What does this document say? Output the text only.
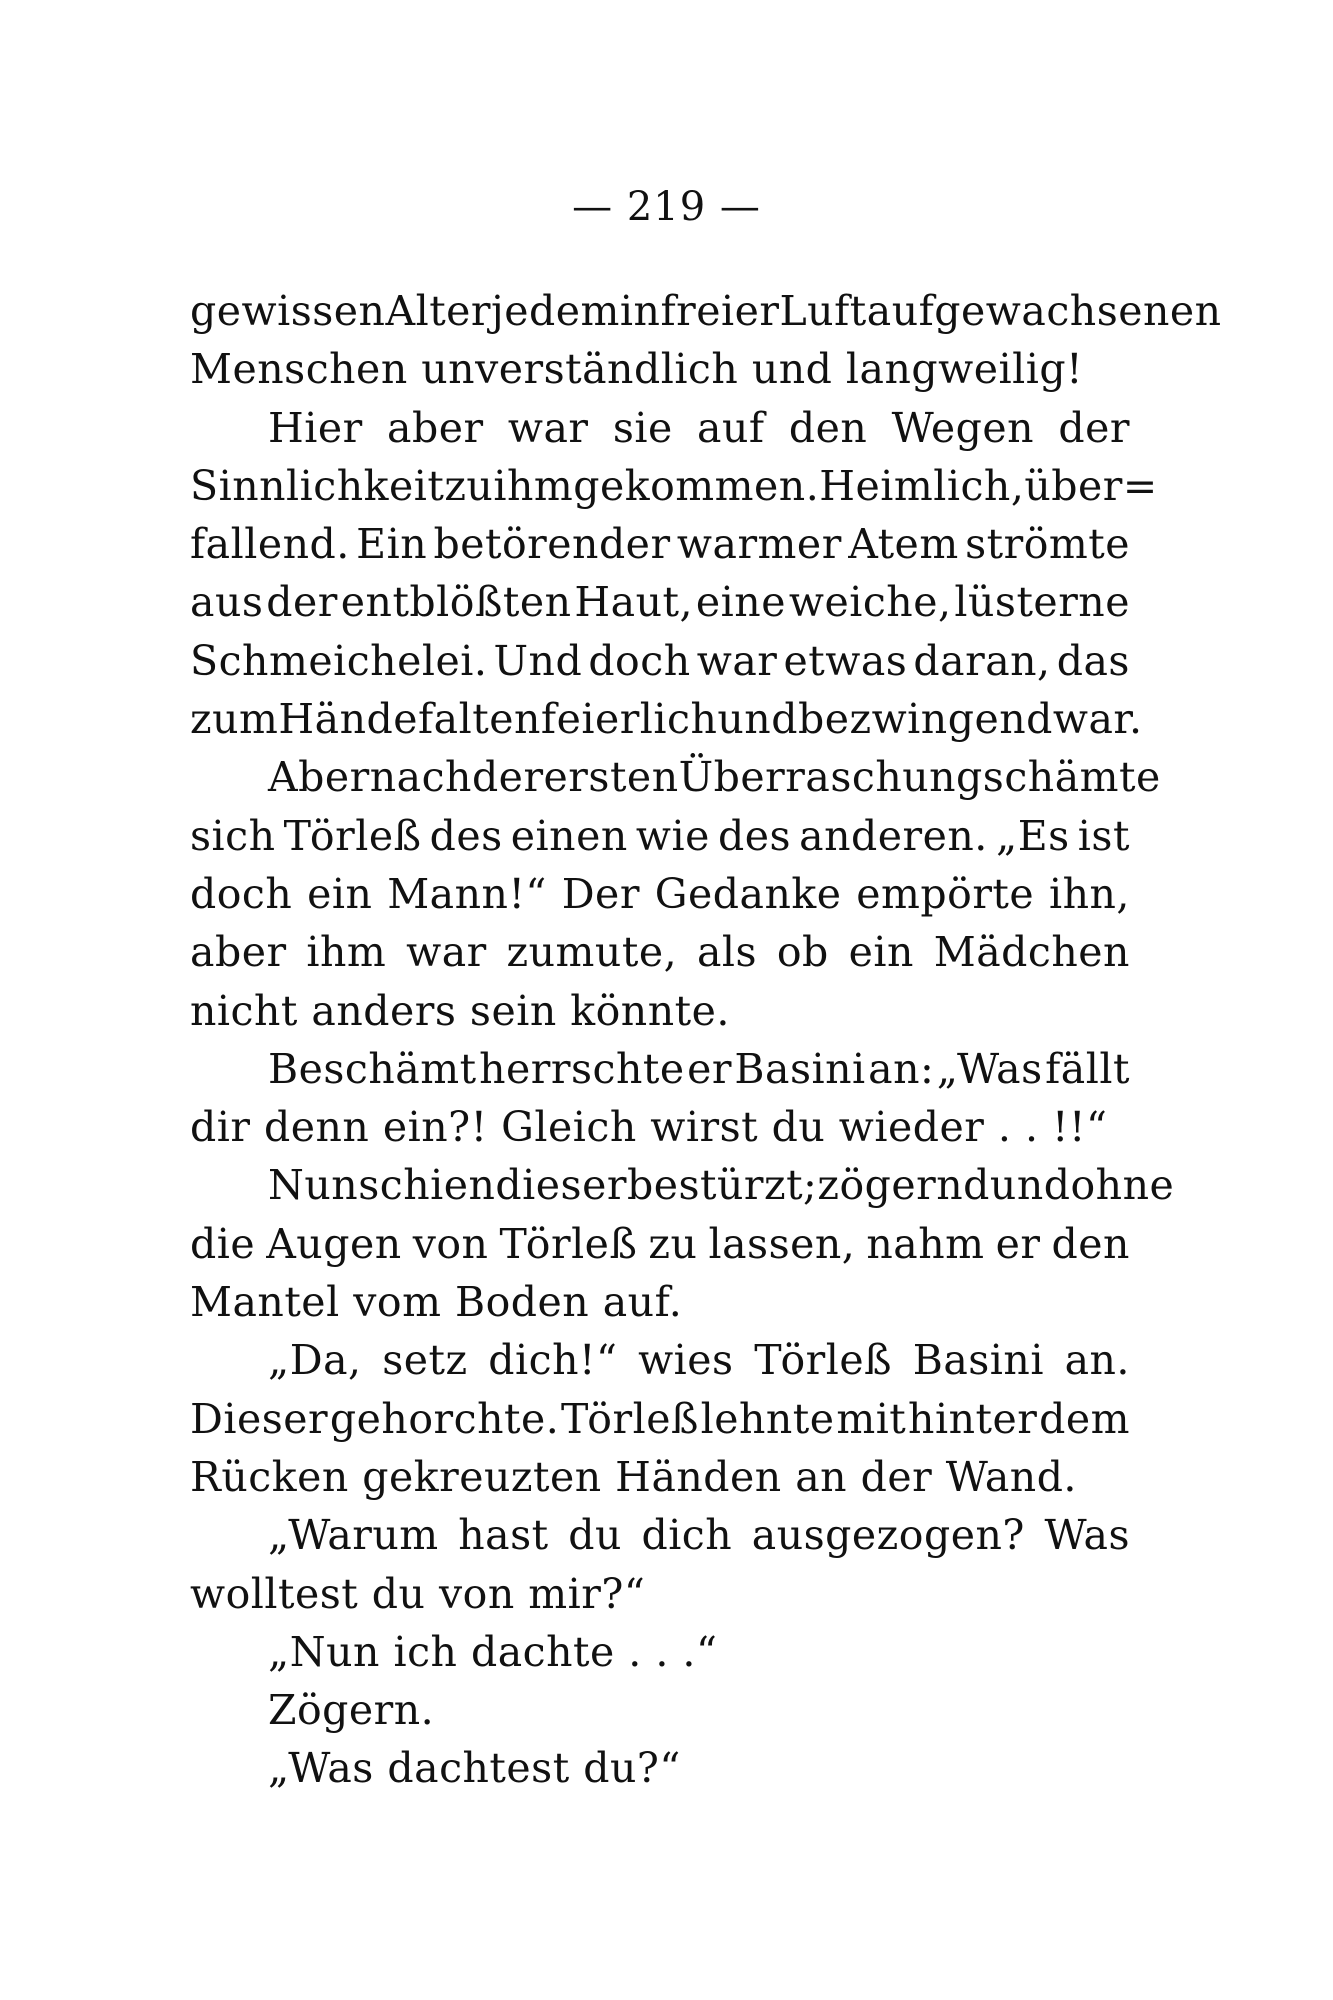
— 219 —
gewissen Alter jedem in freier Luft aufgewachsenen
Menschen unverständlich und langweilig!
Hier aber war sie auf den Wegen der
Sinnlichkeit zu ihm gekommen. Heimlich, über=
fallend. Ein betörender warmer Atem strömte
aus der entblößten Haut, eine weiche, lüsterne
Schmeichelei. Und doch war etwas daran, das
zum Händefalten feierlich und bezwingend war.
Aber nach der ersten Überraschung schämte
sich Törleß des einen wie des anderen. „Es ist
doch ein Mann!“ Der Gedanke empörte ihn,
aber ihm war zumute, als ob ein Mädchen
nicht anders sein könnte.
Beschämt herrschte er Basini an: „Was fällt
dir denn ein?! Gleich wirst du wieder . . !!“
Nun schien d i e s e r bestürzt; zögernd und ohne
die Augen von Törleß zu lassen, nahm er den
Mantel vom Boden auf.
„Da, setz dich!“ wies Törleß Basini an.
Dieser gehorchte. Törleß lehnte mit hinter dem
Rücken gekreuzten Händen an der Wand.
„Warum hast du dich ausgezogen? Was
wolltest du von mir?“
„Nun ich dachte . . .“
Zögern.
„Was dachtest du?“
